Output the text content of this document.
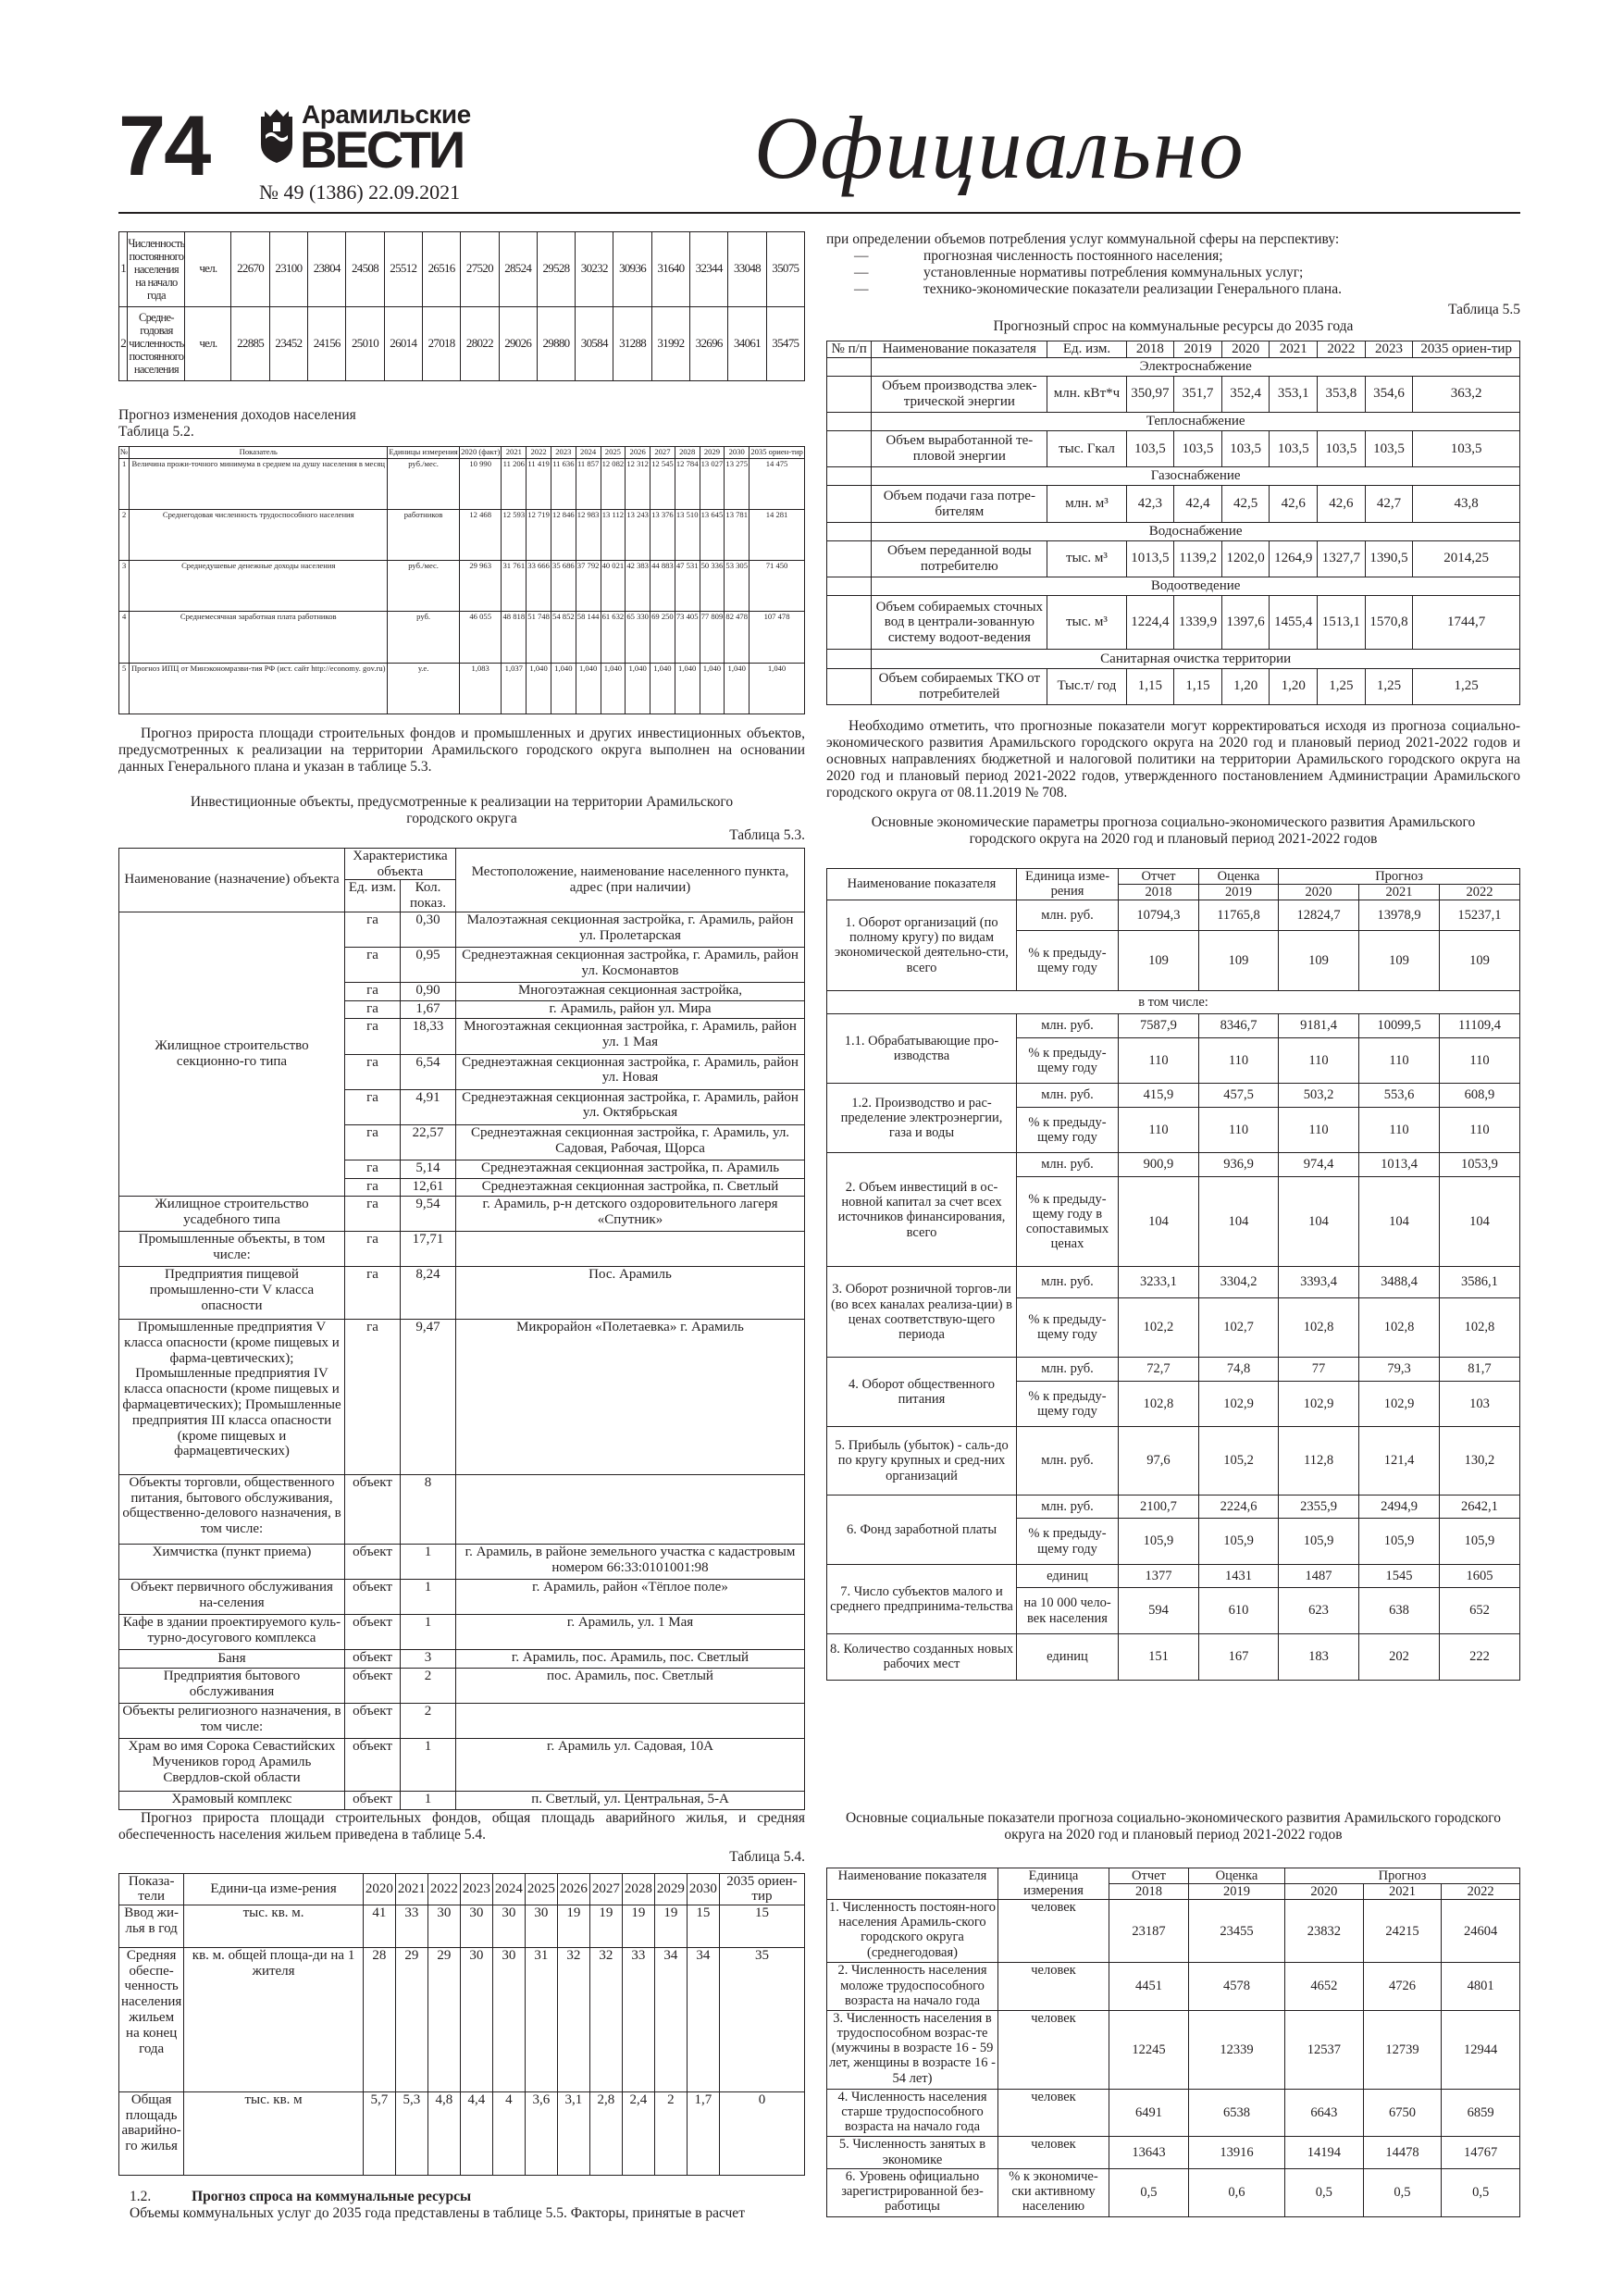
74	Арамильские
ВЕСТИ
№ 49 (1386) 22.09.2021	Официально
1	Численность постоянного населения на начало года	чел.	22670	23100	23804	24508	25512	26516	27520	28524	29528	30232	30936	31640	32344	33048	35075
2	Средне-годовая численность постоянного населения	чел.	22885	23452	24156	25010	26014	27018	28022	29026	29880	30584	31288	31992	32696	34061	35475
Прогноз изменения доходов населения
Таблица 5.2.
№	Показатель	Единицы измерения	2020 (факт)	2021	2022	2023	2024	2025	2026	2027	2028	2029	2030	2035 ориен-тир
1	Величина прожи-точного минимума в среднем на душу населения в месяц	руб./мес.	10 990	11 206	11 419	11 636	11 857	12 082	12 312	12 545	12 784	13 027	13 275	14 475
2	Среднегодовая численность трудоспособного населения	работников	12 468	12 593	12 719	12 846	12 983	13 112	13 243	13 376	13 510	13 645	13 781	14 281
3	Среднедушевые денежные доходы населения	руб./мес.	29 963	31 761	33 666	35 686	37 792	40 021	42 383	44 883	47 531	50 336	53 305	71 450
4	Среднемесячная заработная плата работников	руб.	46 055	48 818	51 748	54 852	58 144	61 632	65 330	69 250	73 405	77 809	82 478	107 478
5	Прогноз ИПЦ от Минэкономразви-тия РФ (ист. сайт http://economy. gov.ru)	у.е.	1,083	1,037	1,040	1,040	1,040	1,040	1,040	1,040	1,040	1,040	1,040	1,040

Прогноз прироста площади строительных фондов и промышленных и других инвестиционных объектов, предусмотренных к реализации на территории Арамильского городского округа выполнен на основании данных Генерального плана и указан в таблице 5.3.

Инвестиционные объекты, предусмотренные к реализации на территории Арамильского городского округа

Таблица 5.3.

Наименование (назначение) объекта	Характеристика объекта		Местоположение, наименование населенного пункта, адрес (при наличии)
	Ед. изм.	Кол. показ.	
Жилищное строительство секционно-го типа	га	0,30	Малоэтажная секционная застройка, г. Арамиль, район ул. Пролетарская
	га	0,95	Среднеэтажная секционная застройка, г. Арамиль, район ул. Космонавтов
	га	0,90	Многоэтажная секционная застройка,
	га	1,67	г. Арамиль, район ул. Мира
	га	18,33	Многоэтажная секционная застройка, г. Арамиль, район ул. 1 Мая
	га	6,54	Среднеэтажная секционная застройка, г. Арамиль, район ул. Новая
	га	4,91	Среднеэтажная секционная застройка, г. Арамиль, район ул. Октябрьская
	га	22,57	Среднеэтажная секционная застройка, г. Арамиль, ул. Садовая, Рабочая, Щорса
	га	5,14	Среднеэтажная секционная застройка, п. Арамиль
	га	12,61	Среднеэтажная секционная застройка, п. Светлый
Жилищное строительство усадебного типа	га	9,54	г. Арамиль, р-н детского оздоровительного лагеря «Спутник»
Промышленные объекты, в том числе:	га	17,71	
Предприятия пищевой промышленно-сти V класса опасности	га	8,24	Пос. Арамиль
Промышленные предприятия V класса опасности (кроме пищевых и фарма-цевтических); Промышленные предприятия IV класса опасности (кроме пищевых и фармацевтических); Промышленные предприятия III класса опасности (кроме пищевых и фармацевтических)	га	9,47	Микрорайон «Полетаевка» г. Арамиль
Объекты торговли, общественного питания, бытового обслуживания, общественно-делового назначения, в том числе:	объект	8	
Химчистка (пункт приема)	объект	1	г. Арамиль, в районе земельного участка с кадастровым номером 66:33:0101001:98
Объект первичного обслуживания на-селения	объект	1	г. Арамиль, район «Тёплое поле»
Кафе в здании проектируемого куль-турно-досугового комплекса	объект	1	г. Арамиль, ул. 1 Мая
Баня	объект	3	г. Арамиль, пос. Арамиль, пос. Светлый
Предприятия бытового обслуживания	объект	2	пос. Арамиль, пос. Светлый
Объекты религиозного назначения, в том числе:	объект	2	
Храм во имя Сорока Севастийских Мучеников город Арамиль Свердлов-ской области	объект	1	г. Арамиль ул. Садовая, 10А
Храмовый комплекс	объект	1	п. Светлый, ул. Центральная, 5-А

Прогноз прироста площади строительных фондов, общая площадь аварийного жилья, и средняя обеспеченность населения жильем приведена в таблице 5.4.

Таблица 5.4.

Показа-тели	Едини-ца изме-рения	2020	2021	2022	2023	2024	2025	2026	2027	2028	2029	2030	2035 ориен-тир
Ввод жи-лья в год	тыс. кв. м.	41	33	30	30	30	30	19	19	19	19	15	15
Средняя обеспе-ченность населения жильем на конец года	кв. м. общей площа-ди на 1 жителя	28	29	29	30	30	31	32	32	33	34	34	35
Общая площадь аварийно-го жилья	тыс. кв. м	5,7	5,3	4,8	4,4	4	3,6	3,1	2,8	2,4	2	1,7	0

1.2.	Прогноз спроса на коммунальные ресурсы

Объемы коммунальных услуг до 2035 года представлены в таблице 5.5. Факторы, принятые в расчет

при определении объемов потребления услуг коммунальной сферы на перспективу:

— прогнозная численность постоянного населения;
— установленные нормативы потребления коммунальных услуг;
— технико-экономические показатели реализации Генерального плана.

Таблица 5.5

Прогнозный спрос на коммунальные ресурсы до 2035 года

№ п/п	Наименование показателя	Ед. изм.	2018	2019	2020	2021	2022	2023	2035 ориен-тир
	Электроснабжение								
	Объем производства элек-трической энергии	млн. кВт*ч	350,97	351,7	352,4	353,1	353,8	354,6	363,2
	Теплоснабжение								
	Объем выработанной те-пловой энергии	тыс. Гкал	103,5	103,5	103,5	103,5	103,5	103,5	103,5
	Газоснабжение								
	Объем подачи газа потре-бителям	млн. м³	42,3	42,4	42,5	42,6	42,6	42,7	43,8
	Водоснабжение								
	Объем переданной воды потребителю	тыс. м³	1013,5	1139,2	1202,0	1264,9	1327,7	1390,5	2014,25
	Водоотведение								
	Объем собираемых сточных вод в централи-зованную систему водоот-ведения	тыс. м³	1224,4	1339,9	1397,6	1455,4	1513,1	1570,8	1744,7
	Санитарная очистка территории								
	Объем собираемых ТКО от потребителей	Тыс.т/ год	1,15	1,15	1,20	1,20	1,25	1,25	1,25

Необходимо отметить, что прогнозные показатели могут корректироваться исходя из прогноза социально-экономического развития Арамильского городского округа на 2020 год и плановый период 2021-2022 годов и основных направлениях бюджетной и налоговой политики на территории Арамильского городского округа на 2020 год и плановый период 2021-2022 годов, утвержденного постановлением Администрации Арамильского городского округа от 08.11.2019 № 708.

Основные экономические параметры прогноза социально-экономического развития Арамильского городского округа на 2020 год и плановый период 2021-2022 годов

Наименование показателя	Единица изме-рения	Отчет	Оценка	Прогноз		
		2018	2019	2020	2021	2022
1. Оборот организаций (по полному кругу) по видам экономической деятельно-сти, всего	млн. руб.	10794,3	11765,8	12824,7	13978,9	15237,1
	% к предыду-щему году	109	109	109	109	109
в том числе:						
1.1. Обрабатывающие про-изводства	млн. руб.	7587,9	8346,7	9181,4	10099,5	11109,4
	% к предыду-щему году	110	110	110	110	110
1.2. Производство и рас-пределение электроэнергии, газа и воды	млн. руб.	415,9	457,5	503,2	553,6	608,9
	% к предыду-щему году	110	110	110	110	110
2. Объем инвестиций в ос-новной капитал за счет всех источников финансирования, всего	млн. руб.	900,9	936,9	974,4	1013,4	1053,9
	% к предыду-щему году в сопоставимых ценах	104	104	104	104	104
3. Оборот розничной торгов-ли (во всех каналах реализа-ции) в ценах соответствую-щего периода	млн. руб.	3233,1	3304,2	3393,4	3488,4	3586,1
	% к предыду-щему году	102,2	102,7	102,8	102,8	102,8
4. Оборот общественного питания	млн. руб.	72,7	74,8	77	79,3	81,7
	% к предыду-щему году	102,8	102,9	102,9	102,9	103
5. Прибыль (убыток) - саль-до по кругу крупных и сред-них организаций	млн. руб.	97,6	105,2	112,8	121,4	130,2
6. Фонд заработной платы	млн. руб.	2100,7	2224,6	2355,9	2494,9	2642,1
	% к предыду-щему году	105,9	105,9	105,9	105,9	105,9
7. Число субъектов малого и среднего предпринима-тельства	единиц	1377	1431	1487	1545	1605
	на 10 000 чело-век населения	594	610	623	638	652
8. Количество созданных новых рабочих мест	единиц	151	167	183	202	222

Основные социальные показатели прогноза социально-экономического развития Арамильского городского округа на 2020 год и плановый период 2021-2022 годов

Наименование показателя	Единица измерения	Отчет	Оценка	Прогноз		
		2018	2019	2020	2021	2022
1. Численность постоян-ного населения Арамиль-ского городского округа (среднегодовая)	человек	23187	23455	23832	24215	24604
2. Численность населения моложе трудоспособного возраста на начало года	человек	4451	4578	4652	4726	4801
3. Численность населения в трудоспособном возрас-те (мужчины в возрасте 16 - 59 лет, женщины в возрасте 16 - 54 лет)	человек	12245	12339	12537	12739	12944
4. Численность населения старше трудоспособного возраста на начало года	человек	6491	6538	6643	6750	6859
5. Численность занятых в экономике	человек	13643	13916	14194	14478	14767
6. Уровень официально зарегистрированной без-работицы	% к экономиче-ски активному населению	0,5	0,6	0,5	0,5	0,5
